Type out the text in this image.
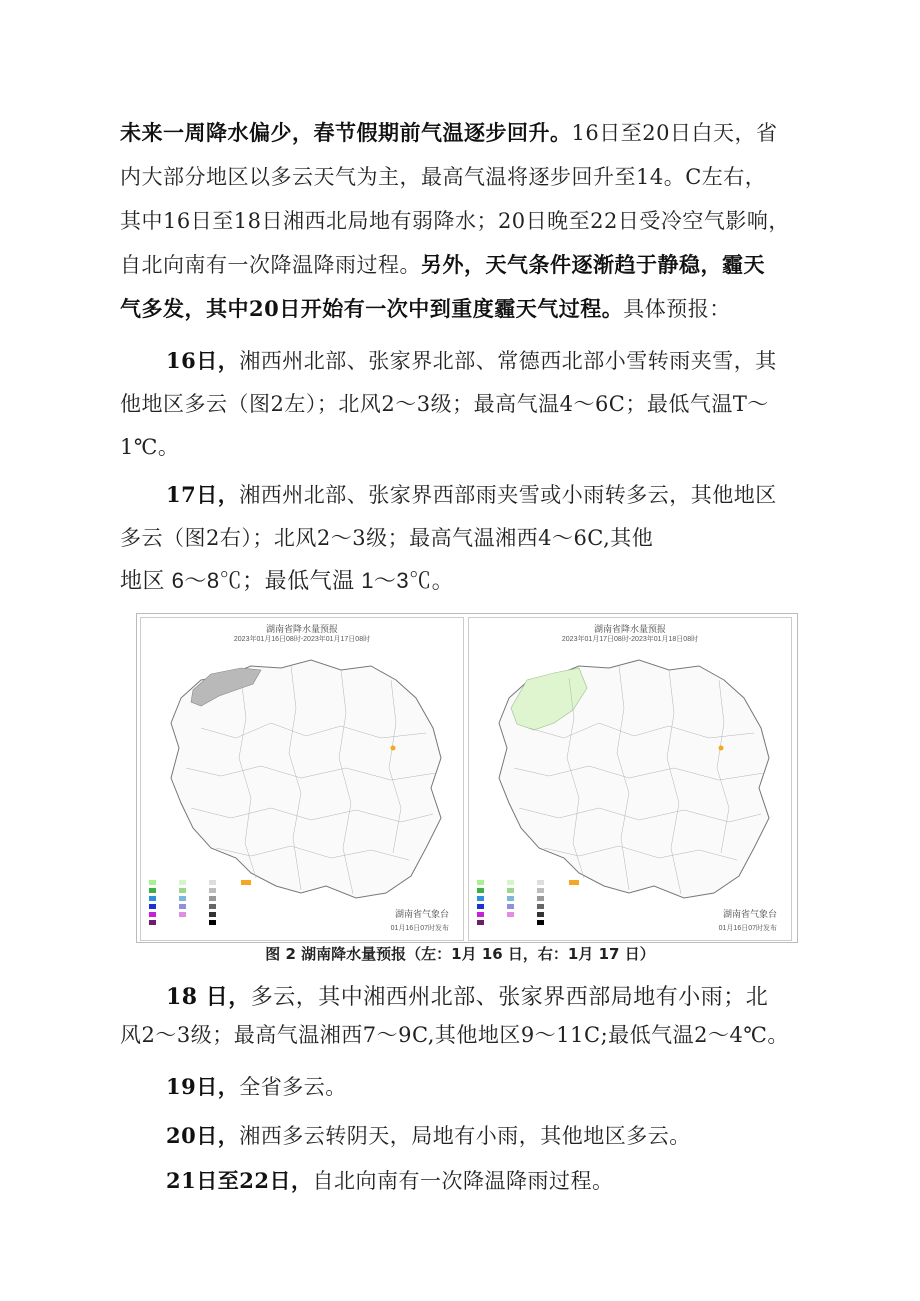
未来一周降水偏少，春节假期前气温逐步回升。16日至20日白天，省
内大部分地区以多云天气为主，最高气温将逐步回升至14。C左右，
其中16日至18日湘西北局地有弱降水；20日晚至22日受冷空气影响，
自北向南有一次降温降雨过程。另外，天气条件逐渐趋于静稳，霾天
气多发，其中20日开始有一次中到重度霾天气过程。具体预报：
16日，湘西州北部、张家界北部、常德西北部小雪转雨夹雪，其
他地区多云（图2左）；北风2～3级；最高气温4～6C；最低气温T～
1℃。
17日，湘西州北部、张家界西部雨夹雪或小雨转多云，其他地区
多云（图2右）；北风2～3级；最高气温湘西4～6C,其他
地区 6～8℃；最低气温 1～3℃。
湖南省降水量预报
2023年01月16日08时-2023年01月17日08时
湖南省气象台
01月16日07时发布
湖南省降水量预报
2023年01月17日08时-2023年01月18日08时
湖南省气象台
01月16日07时发布
图 2 湖南降水量预报（左：1月 16 日，右：1月 17 日）
18 日，多云，其中湘西州北部、张家界西部局地有小雨；北
风2～3级；最高气温湘西7～9C,其他地区9～11C;最低气温2～4℃。
19日，全省多云。
20日，湘西多云转阴天，局地有小雨，其他地区多云。
21日至22日，自北向南有一次降温降雨过程。
